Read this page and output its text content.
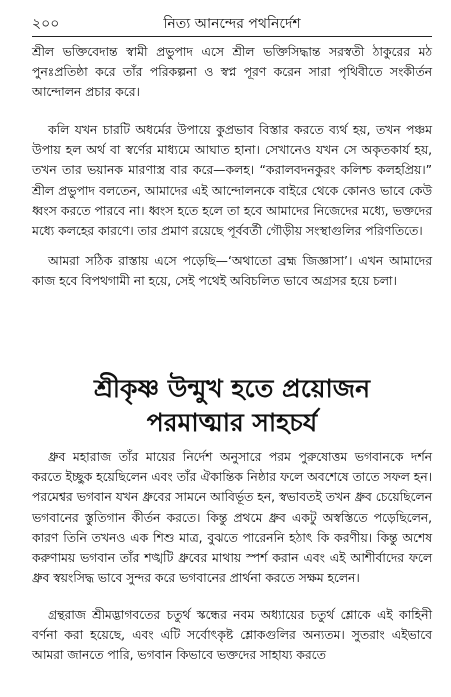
২০০	নিত্য আনন্দের পথনির্দেশ
শ্রীল ভক্তিবেদান্ত স্বামী প্রভুপাদ এসে শ্রীল ভক্তিসিদ্ধান্ত সরস্বতী ঠাকুরের মঠ পুনঃপ্রতিষ্ঠা করে তাঁর পরিকল্পনা ও স্বপ্ন পূরণ করেন সারা পৃথিবীতে সংকীর্তন আন্দোলন প্রচার করে।
কলি যখন চারটি অধর্মের উপায়ে কুপ্রভাব বিস্তার করতে ব্যর্থ হয়, তখন পঞ্চম উপায় হল অর্থ বা স্বর্ণের মাধ্যমে আঘাত হানা। সেখানেও যখন সে অকৃতকার্য হয়, তখন তার ভয়ানক মারণাস্ত্র বার করে—কলহ। “করালবদনকুরং কলিশ্চ কলহপ্রিয়।” শ্রীল প্রভুপাদ বলতেন, আমাদের এই আন্দোলনকে বাইরে থেকে কোনও ভাবে কেউ ধ্বংস করতে পারবে না। ধ্বংস হতে হলে তা হবে আমাদের নিজেদের মধ্যে, ভক্তদের মধ্যে কলহের কারণে। তার প্রমাণ রয়েছে পূর্ববর্তী গৌড়ীয় সংস্থাগুলির পরিণতিতে।
আমরা সঠিক রাস্তায় এসে পড়েছি—‘অথাতো ব্রহ্ম জিজ্ঞাসা’। এখন আমাদের কাজ হবে বিপথগামী না হয়ে, সেই পথেই অবিচলিত ভাবে অগ্রসর হয়ে চলা।
শ্রীকৃষ্ণ উন্মুখ হতে প্রয়োজন
পরমাত্মার সাহচর্য
ধ্রুব মহারাজ তাঁর মায়ের নির্দেশ অনুসারে পরম পুরুষোত্তম ভগবানকে দর্শন করতে ইচ্ছুক হয়েছিলেন এবং তাঁর ঐকান্তিক নিষ্ঠার ফলে অবশেষে তাতে সফল হন। পরমেশ্বর ভগবান যখন ধ্রুবের সামনে আবির্ভূত হন, স্বভাবতই তখন ধ্রুব চেয়েছিলেন ভগবানের স্তুতিগান কীর্তন করতে। কিন্তু প্রথমে ধ্রুব একটু অস্বস্তিতে পড়েছিলেন, কারণ তিনি তখনও এক শিশু মাত্র, বুঝতে পারেননি হঠাৎ কি করণীয়। কিন্তু অশেষ করুণাময় ভগবান তাঁর শঙ্খটি ধ্রুবের মাথায় স্পর্শ করান এবং এই আশীর্বাদের ফলে ধ্রুব স্বয়ংসিদ্ধ ভাবে সুন্দর করে ভগবানের প্রার্থনা করতে সক্ষম হলেন।
গ্রন্থরাজ শ্রীমদ্ভাগবতের চতুর্থ স্কন্ধের নবম অধ্যায়ের চতুর্থ শ্লোকে এই কাহিনী বর্ণনা করা হয়েছে, এবং এটি সর্বোৎকৃষ্ট শ্লোকগুলির অন্যতম। সুতরাং এইভাবে আমরা জানতে পারি, ভগবান কিভাবে ভক্তদের সাহায্য করতে
